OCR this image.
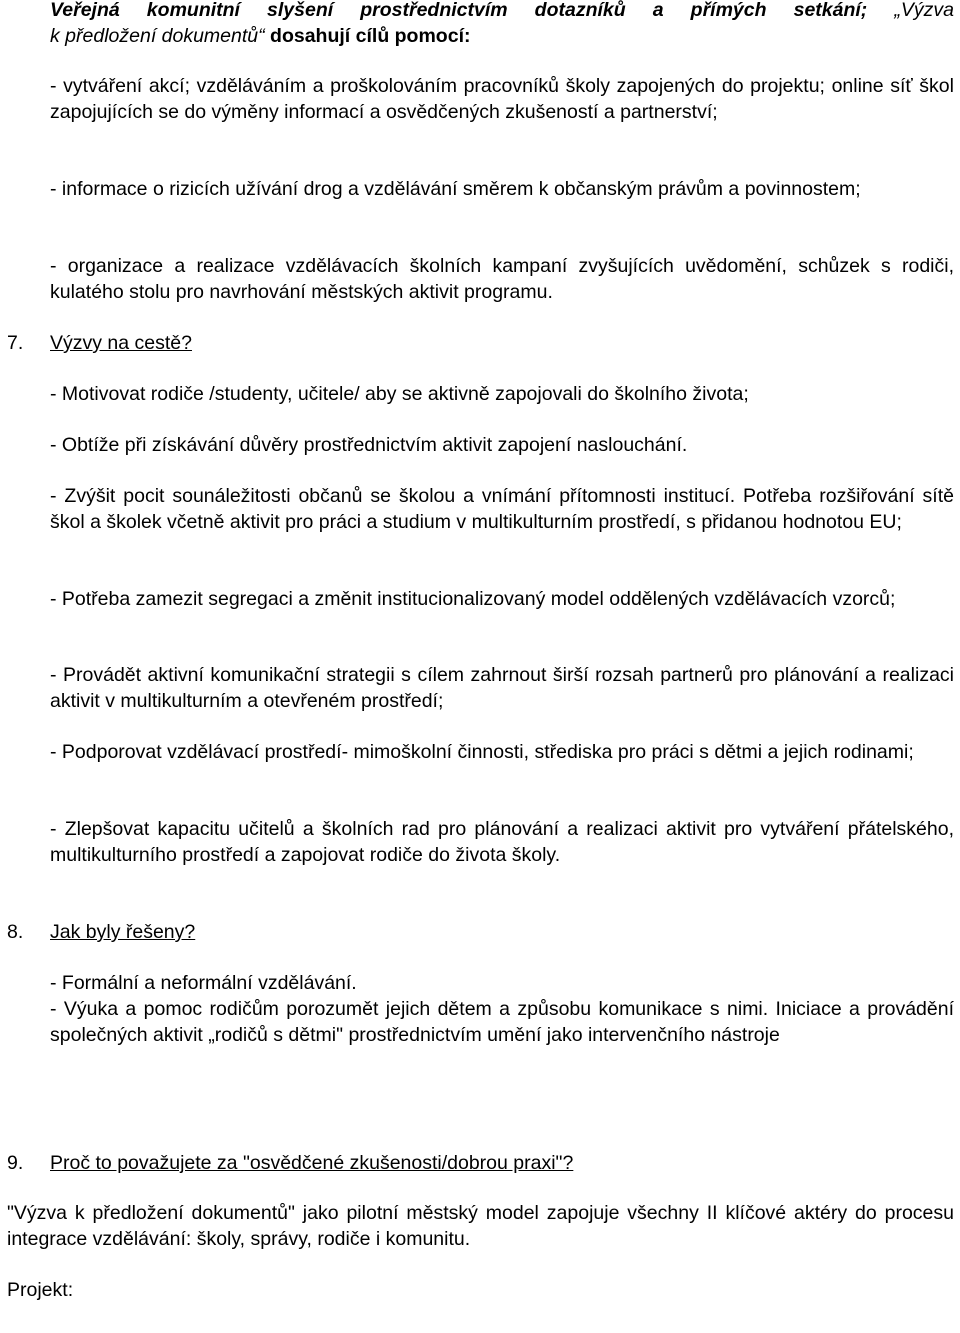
Veřejná komunitní slyšení prostřednictvím dotazníků a přímých setkání; „Výzva
k předložení dokumentů“ dosahují cílů pomocí:

- vytváření akcí; vzděláváním a proškolováním pracovníků školy zapojených do projektu; online síť škol zapojujících se do výměny informací a osvědčených zkušeností a partnerství;

- informace o rizicích užívání drog a vzdělávání směrem k občanským právům a povinnostem;

- organizace a realizace vzdělávacích školních kampaní zvyšujících uvědomění, schůzek s rodiči, kulatého stolu pro navrhování městských aktivit programu.

7. Výzvy na cestě?

- Motivovat rodiče /studenty, učitele/ aby se aktivně zapojovali do školního života;

- Obtíže při získávání důvěry prostřednictvím aktivit zapojení naslouchání.

- Zvýšit pocit sounáležitosti občanů se školou a vnímání přítomnosti institucí. Potřeba rozšiřování sítě škol a školek včetně aktivit pro práci a studium v multikulturním prostředí, s přidanou hodnotou EU;

- Potřeba zamezit segregaci a změnit institucionalizovaný model oddělených vzdělávacích vzorců;

- Provádět aktivní komunikační strategii s cílem zahrnout širší rozsah partnerů pro plánování a realizaci aktivit v multikulturním a otevřeném prostředí;

- Podporovat vzdělávací prostředí- mimoškolní činnosti, střediska pro práci s dětmi a jejich rodinami;

- Zlepšovat kapacitu učitelů a školních rad pro plánování a realizaci aktivit pro vytváření přátelského, multikulturního prostředí a zapojovat rodiče do života školy.

8. Jak byly řešeny?

- Formální a neformální vzdělávání.

- Výuka a pomoc rodičům porozumět jejich dětem a způsobu komunikace s nimi. Iniciace a provádění společných aktivit „rodičů s dětmi" prostřednictvím umění jako intervenčního nástroje

9. Proč to považujete za "osvědčené zkušenosti/dobrou praxi"?

"Výzva k předložení dokumentů" jako pilotní městský model zapojuje všechny II klíčové aktéry do procesu integrace vzdělávání: školy, správy, rodiče i komunitu.

Projekt:
